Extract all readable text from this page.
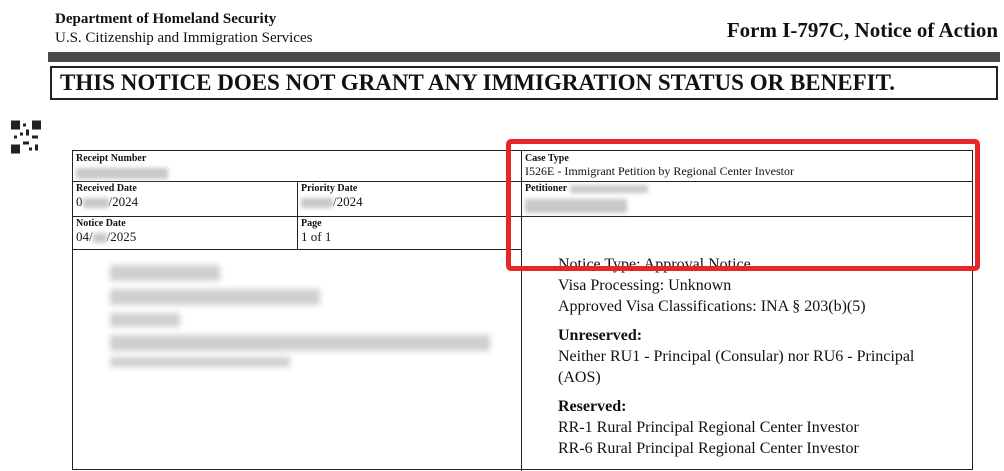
Department of Homeland Security
U.S. Citizenship and Immigration Services	Form I-797C, Notice of Action
THIS NOTICE DOES NOT GRANT ANY IMMIGRATION STATUS OR BENEFIT.
Receipt Number	Case Type
I526E - Immigrant Petition by Regional Center Investor
Received Date
0 /2024
Priority Date
/2024
Petitioner
Notice Date
04/ /2025
Page
1 of 1
Notice Type: Approval Notice
Visa Processing: Unknown
Approved Visa Classifications: INA § 203(b)(5)
Unreserved:
Neither RU1 - Principal (Consular) nor RU6 - Principal
(AOS)
Reserved:
RR-1 Rural Principal Regional Center Investor
RR-6 Rural Principal Regional Center Investor
